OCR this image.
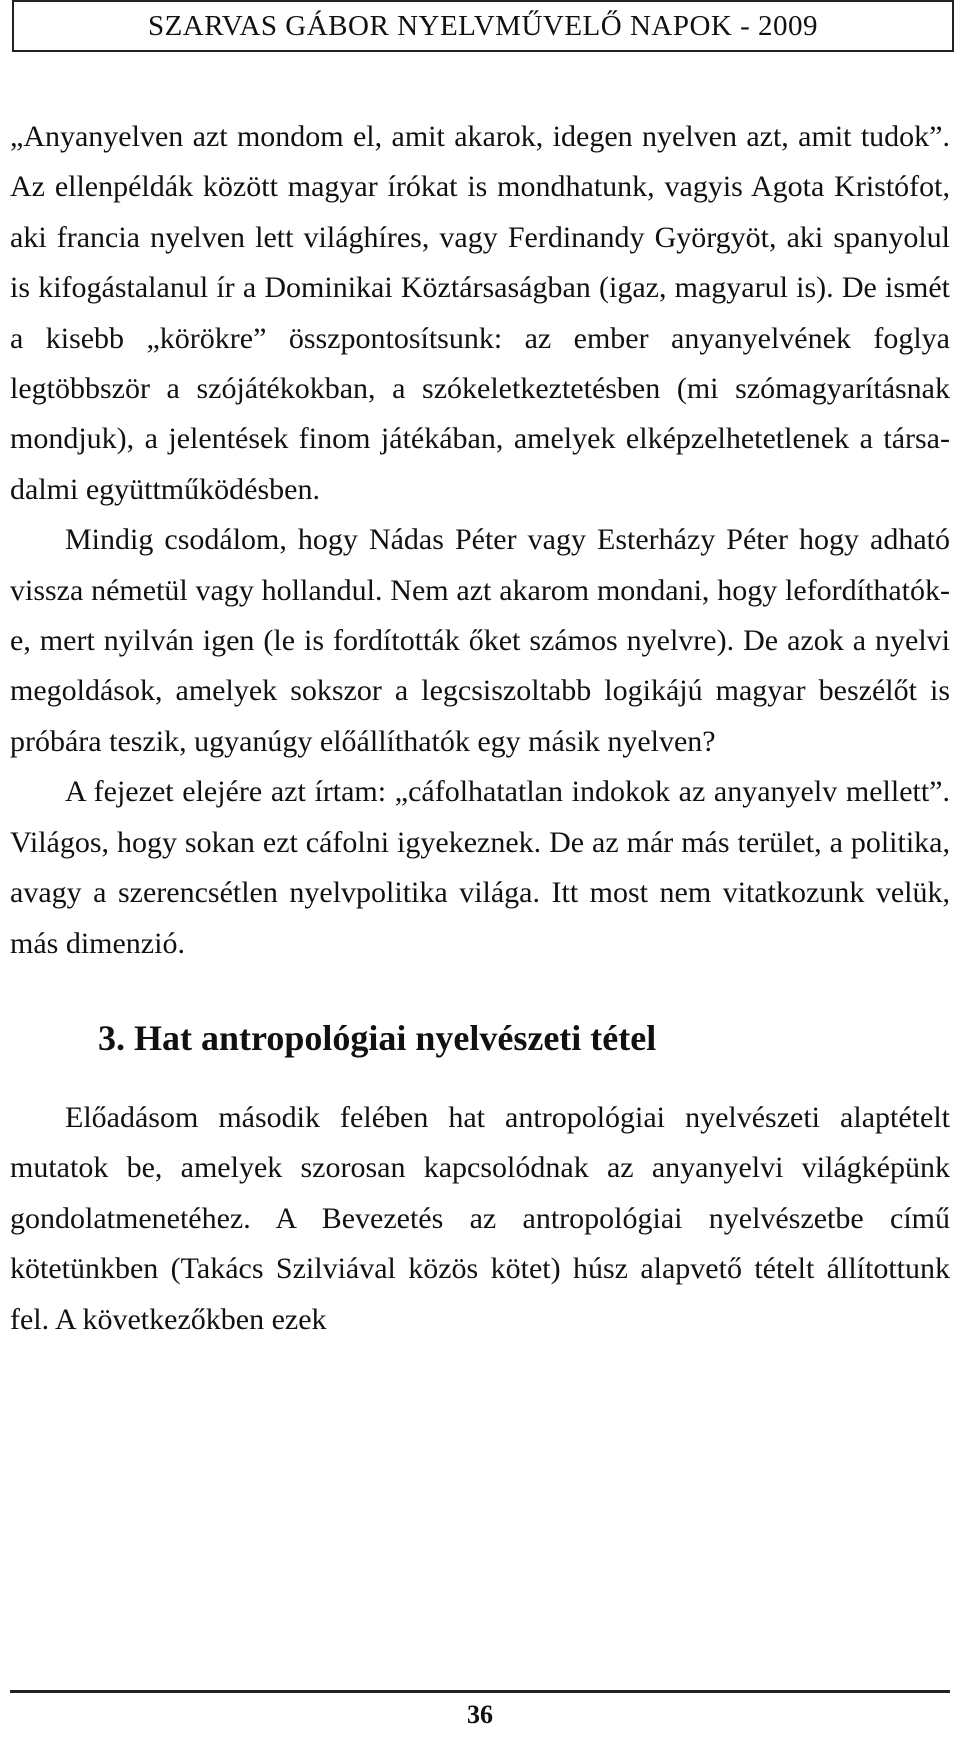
SZARVAS GÁBOR NYELVMŰVELŐ NAPOK - 2009

„Anyanyelven azt mondom el, amit akarok, idegen nyelven azt, amit tudok”. Az ellenpéldák között magyar írókat is mondhatunk, vagyis Agota Kristófot, aki francia nyelven lett világhíres, vagy Ferdinandy Györgyöt, aki spanyolul is kifogástalanul ír a Dominikai Köztársaságban (igaz, magyarul is). De ismét a kisebb „körökre” összpontosítsunk: az ember anyanyelvének foglya legtöbbször a szójátékokban, a szókeletkeztetésben (mi szómagyarításnak mondjuk), a jelentések finom játékában, amelyek elképzelhetetlenek a társadalmi együttműködésben.

Mindig csodálom, hogy Nádas Péter vagy Esterházy Péter hogy adható vissza németül vagy hollandul. Nem azt akarom mondani, hogy lefordíthatók-e, mert nyilván igen (le is fordították őket számos nyelvre). De azok a nyelvi megoldások, amelyek sokszor a legcsiszoltabb logikájú magyar beszélőt is próbára teszik, ugyanúgy előállíthatók egy másik nyelven?

A fejezet elejére azt írtam: „cáfolhatatlan indokok az anyanyelv mellett”. Világos, hogy sokan ezt cáfolni igyekeznek. De az már más terület, a politika, avagy a szerencsétlen nyelvpolitika világa. Itt most nem vitatkozunk velük, más dimenzió.

3. Hat antropológiai nyelvészeti tétel

Előadásom második felében hat antropológiai nyelvészeti alaptételt mutatok be, amelyek szorosan kapcsolódnak az anyanyelvi világképünk gondolatmenetéhez. A Bevezetés az antropológiai nyelvészetbe című kötetünkben (Takács Szilviával közös kötet) húsz alapvető tételt állítottunk fel. A következőkben ezek

36
